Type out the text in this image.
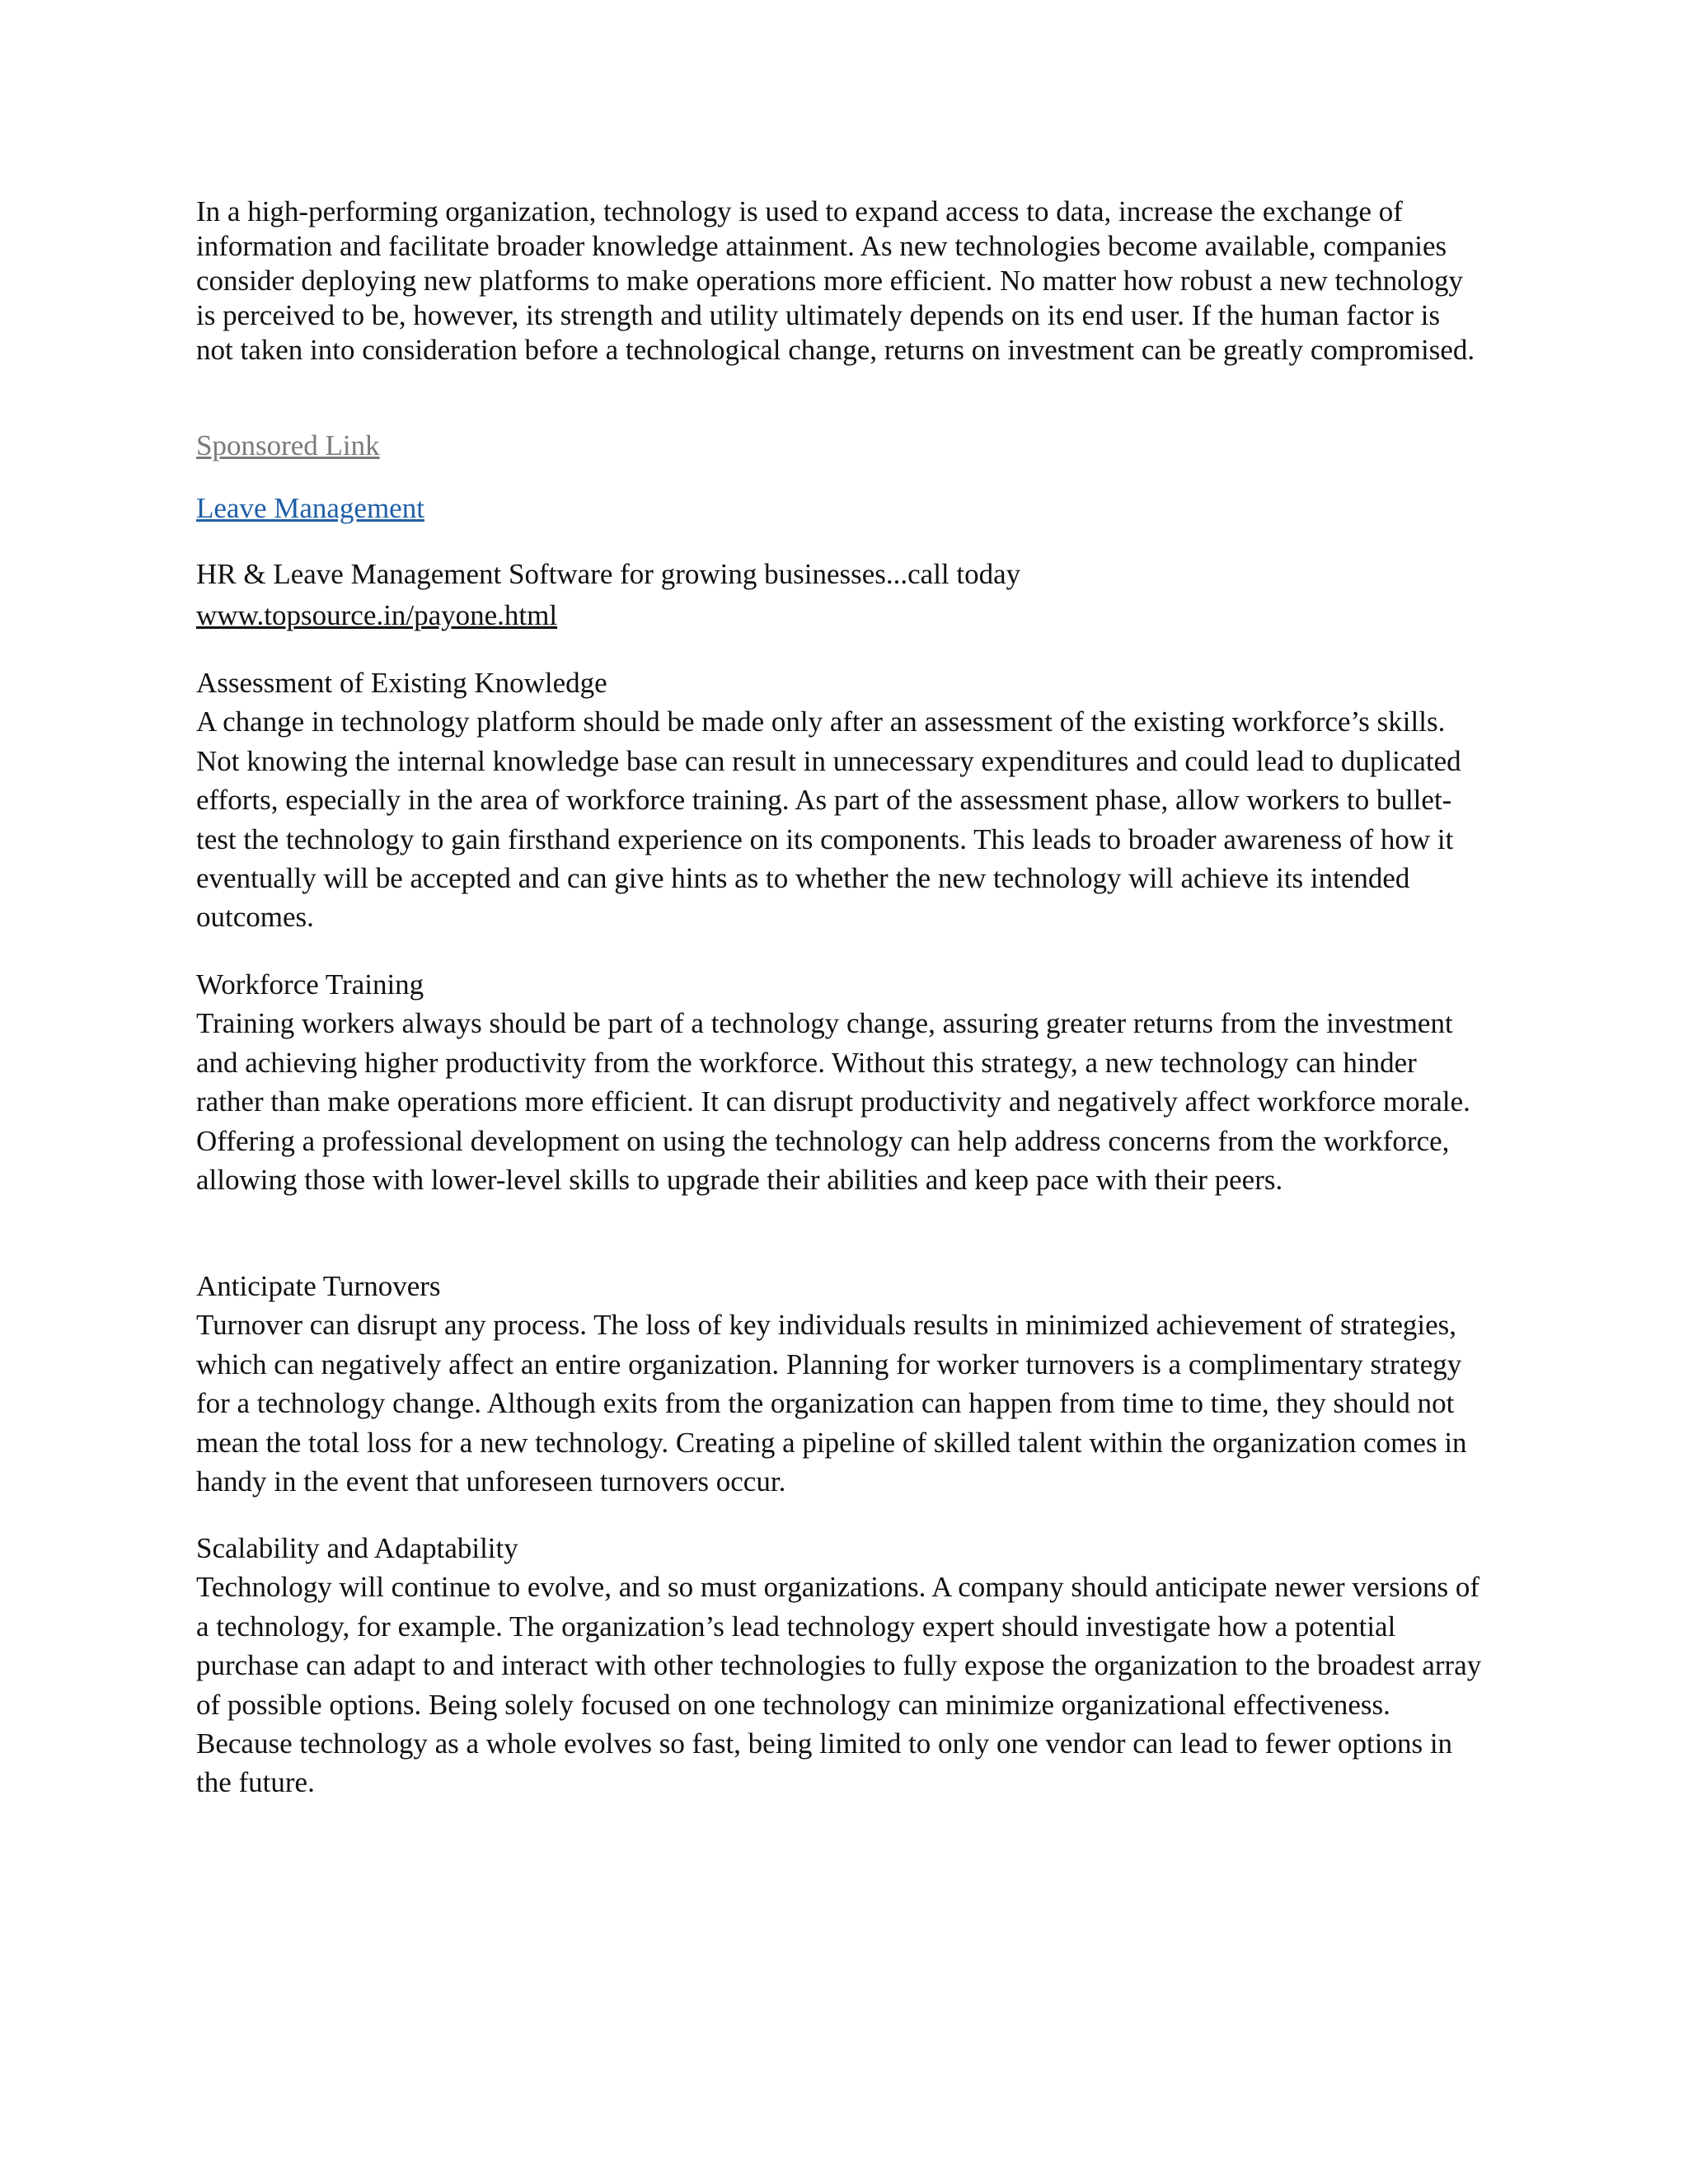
In a high-performing organization, technology is used to expand access to data, increase the exchange of information and facilitate broader knowledge attainment. As new technologies become available, companies consider deploying new platforms to make operations more efficient. No matter how robust a new technology is perceived to be, however, its strength and utility ultimately depends on its end user. If the human factor is not taken into consideration before a technological change, returns on investment can be greatly compromised.

Sponsored Link
Leave Management
HR & Leave Management Software for growing businesses...call today
www.topsource.in/payone.html
Assessment of Existing Knowledge
A change in technology platform should be made only after an assessment of the existing workforce’s skills. Not knowing the internal knowledge base can result in unnecessary expenditures and could lead to duplicated efforts, especially in the area of workforce training. As part of the assessment phase, allow workers to bullet-test the technology to gain firsthand experience on its components. This leads to broader awareness of how it eventually will be accepted and can give hints as to whether the new technology will achieve its intended outcomes.
Workforce Training
Training workers always should be part of a technology change, assuring greater returns from the investment and achieving higher productivity from the workforce. Without this strategy, a new technology can hinder rather than make operations more efficient. It can disrupt productivity and negatively affect workforce morale. Offering a professional development on using the technology can help address concerns from the workforce, allowing those with lower-level skills to upgrade their abilities and keep pace with their peers.
Anticipate Turnovers
Turnover can disrupt any process. The loss of key individuals results in minimized achievement of strategies, which can negatively affect an entire organization. Planning for worker turnovers is a complimentary strategy for a technology change. Although exits from the organization can happen from time to time, they should not mean the total loss for a new technology. Creating a pipeline of skilled talent within the organization comes in handy in the event that unforeseen turnovers occur.
Scalability and Adaptability
Technology will continue to evolve, and so must organizations. A company should anticipate newer versions of a technology, for example. The organization’s lead technology expert should investigate how a potential purchase can adapt to and interact with other technologies to fully expose the organization to the broadest array of possible options. Being solely focused on one technology can minimize organizational effectiveness. Because technology as a whole evolves so fast, being limited to only one vendor can lead to fewer options in the future.
